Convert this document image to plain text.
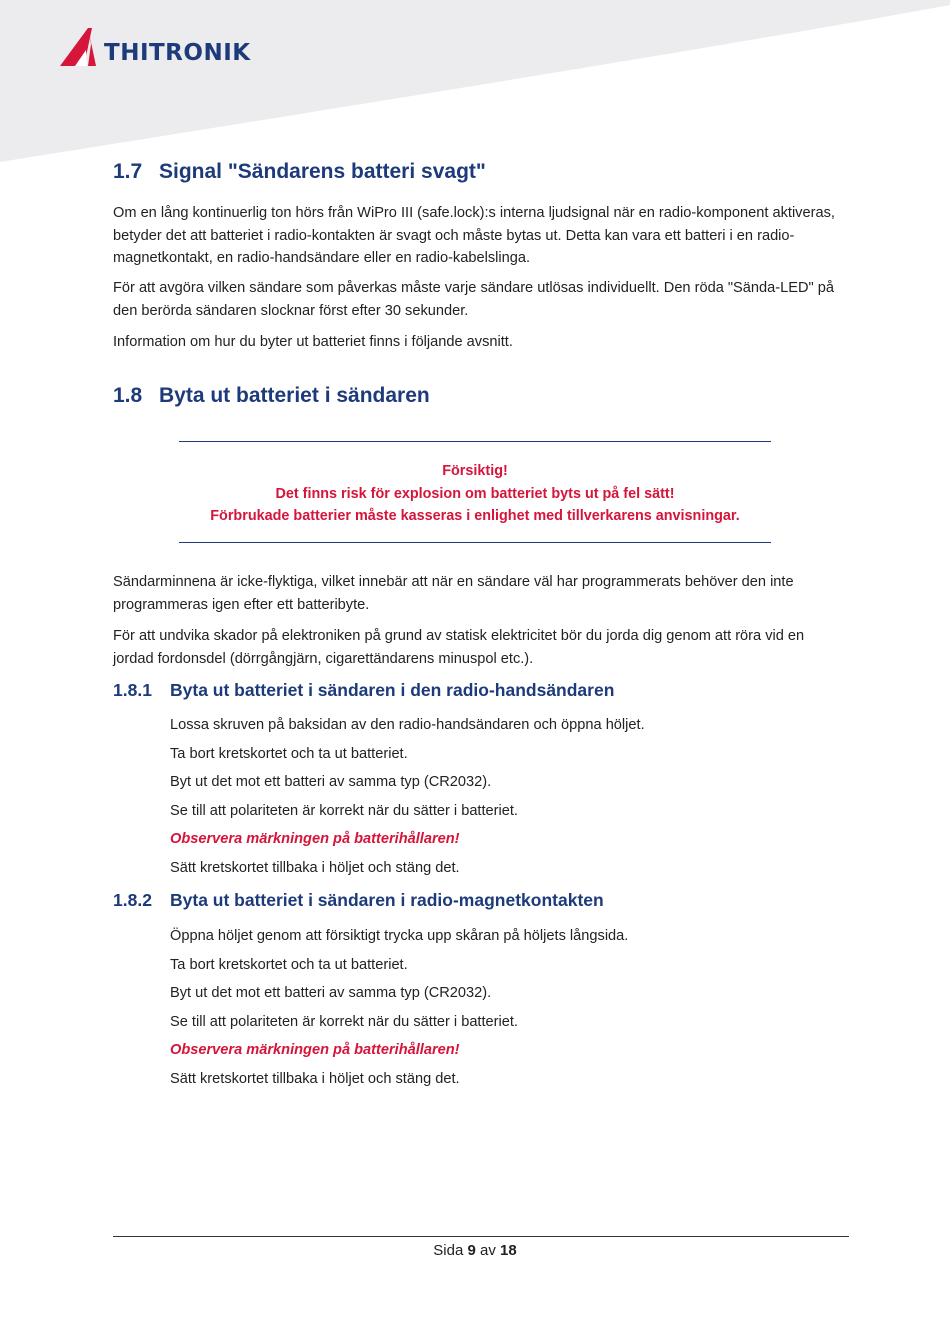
THITRONIK
1.7 Signal "Sändarens batteri svagt"

Om en lång kontinuerlig ton hörs från WiPro III (safe.lock):s interna ljudsignal när en radio-komponent aktiveras, betyder det att batteriet i radio-kontakten är svagt och måste bytas ut. Detta kan vara ett batteri i en radio-magnetkontakt, en radio-handsändare eller en radio-kabelslinga.

För att avgöra vilken sändare som påverkas måste varje sändare utlösas individuellt. Den röda "Sända-LED" på den berörda sändaren slocknar först efter 30 sekunder.

Information om hur du byter ut batteriet finns i följande avsnitt.

1.8 Byta ut batteriet i sändaren
Försiktig!
Det finns risk för explosion om batteriet byts ut på fel sätt!
Förbrukade batterier måste kasseras i enlighet med tillverkarens anvisningar.

Sändarminnena är icke-flyktiga, vilket innebär att när en sändare väl har programmerats behöver den inte programmeras igen efter ett batteribyte.

För att undvika skador på elektroniken på grund av statisk elektricitet bör du jorda dig genom att röra vid en jordad fordonsdel (dörrgångjärn, cigarettändarens minuspol etc.).

1.8.1 Byta ut batteriet i sändaren i den radio-handsändaren
Lossa skruven på baksidan av den radio-handsändaren och öppna höljet.
Ta bort kretskortet och ta ut batteriet.
Byt ut det mot ett batteri av samma typ (CR2032).
Se till att polariteten är korrekt när du sätter i batteriet.
Observera märkningen på batterihållaren!
Sätt kretskortet tillbaka i höljet och stäng det.
1.8.2 Byta ut batteriet i sändaren i radio-magnetkontakten
Öppna höljet genom att försiktigt trycka upp skåran på höljets långsida.
Ta bort kretskortet och ta ut batteriet.
Byt ut det mot ett batteri av samma typ (CR2032).
Se till att polariteten är korrekt när du sätter i batteriet.
Observera märkningen på batterihållaren!
Sätt kretskortet tillbaka i höljet och stäng det.
Sida 9 av 18
